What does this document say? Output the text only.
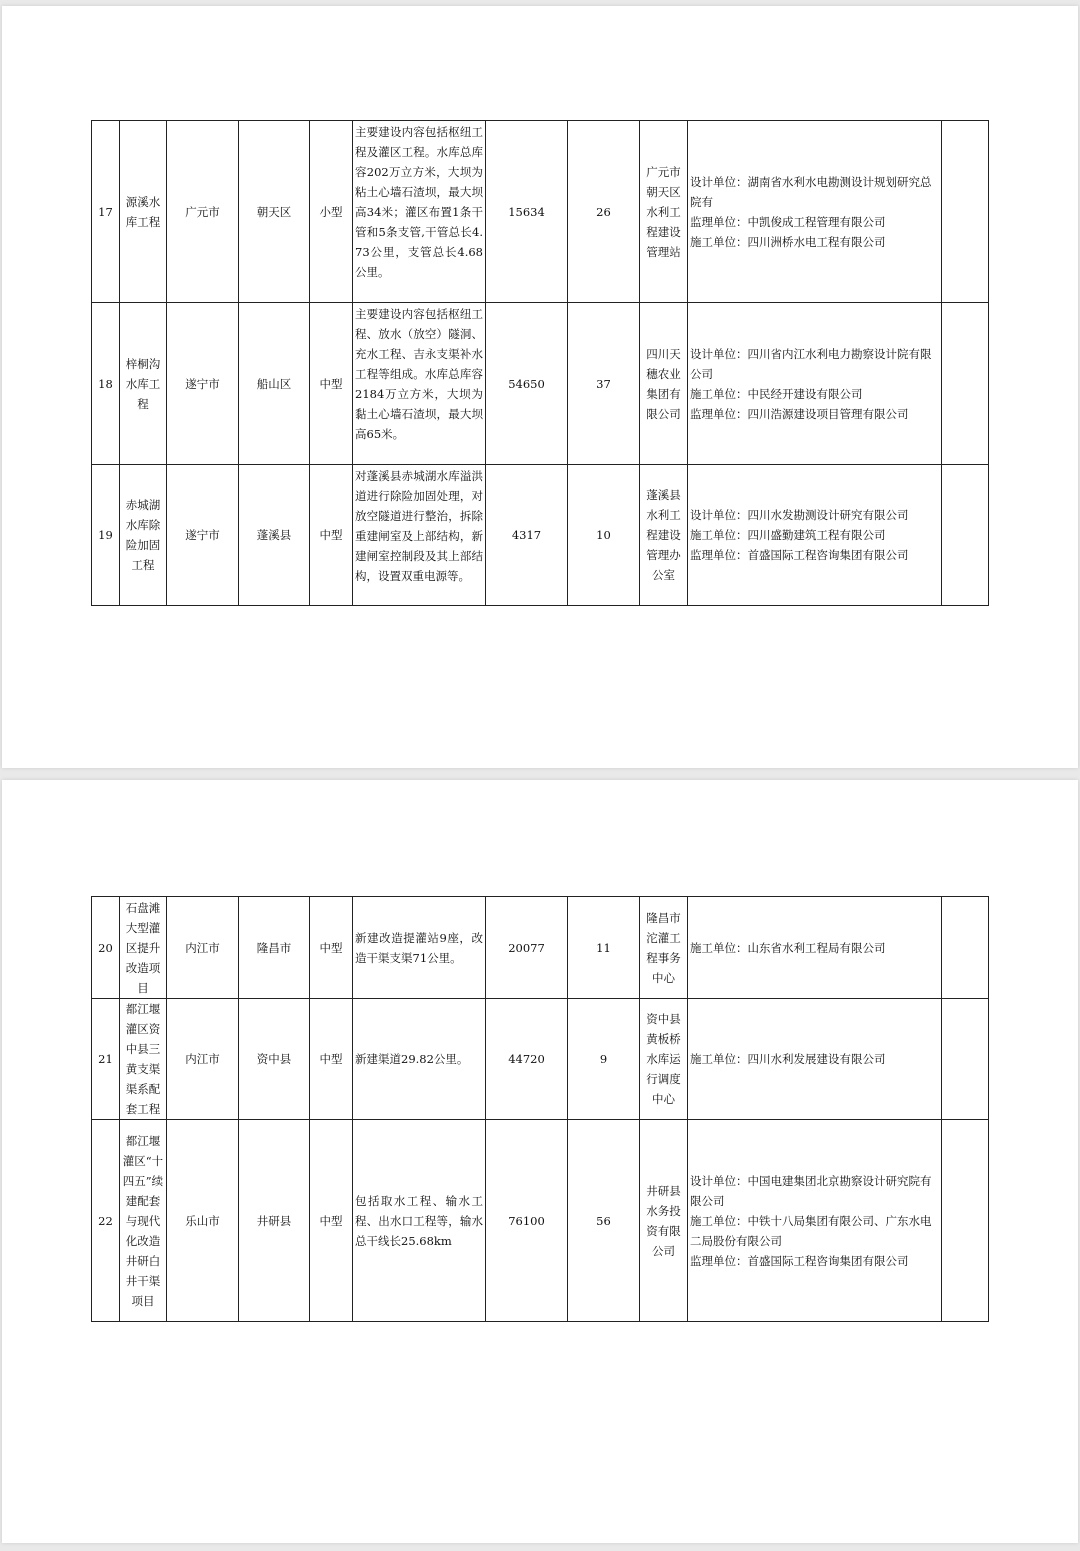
17	源溪水库工程	广元市	朝天区	小型	主要建设内容包括枢纽工程及灌区工程。水库总库容202万立方米，大坝为粘土心墙石渣坝，最大坝高34米；灌区布置1条干管和5条支管,干管总长4.73公里，支管总长4.68公里。	15634	26	广元市朝天区水利工程建设管理站	设计单位：湖南省水利水电勘测设计规划研究总院有
监理单位：中凯俊成工程管理有限公司
施工单位：四川洲桥水电工程有限公司	

18	梓桐沟水库工程	遂宁市	船山区	中型	主要建设内容包括枢纽工程、放水（放空）隧洞、充水工程、吉永支渠补水工程等组成。水库总库容2184万立方米，大坝为黏土心墙石渣坝，最大坝高65米。	54650	37	四川天穗农业集团有限公司	设计单位：四川省内江水利电力勘察设计院有限公司
施工单位：中民经开建设有限公司
监理单位：四川浩源建设项目管理有限公司	

19	赤城湖水库除险加固工程	遂宁市	蓬溪县	中型	对蓬溪县赤城湖水库溢洪道进行除险加固处理，对放空隧道进行整治，拆除重建闸室及上部结构，新建闸室控制段及其上部结构，设置双重电源等。	4317	10	蓬溪县水利工程建设管理办公室	设计单位：四川水发勘测设计研究有限公司
施工单位：四川盛勤建筑工程有限公司
监理单位：首盛国际工程咨询集团有限公司	

20	石盘滩大型灌区提升改造项目	内江市	隆昌市	中型	新建改造提灌站9座，改造干渠支渠71公里。	20077	11	隆昌市沱灌工程事务中心	施工单位：山东省水利工程局有限公司	

21	都江堰灌区资中县三黄支渠渠系配套工程	内江市	资中县	中型	新建渠道29.82公里。	44720	9	资中县黄板桥水库运行调度中心	施工单位：四川水利发展建设有限公司	

22	都江堰灌区“十四五”续建配套与现代化改造井研白井干渠项目	乐山市	井研县	中型	包括取水工程、输水工程、出水口工程等，输水总干线长25.68km	76100	56	井研县水务投资有限公司	设计单位：中国电建集团北京勘察设计研究院有限公司
施工单位：中铁十八局集团有限公司、广东水电二局股份有限公司
监理单位：首盛国际工程咨询集团有限公司	
